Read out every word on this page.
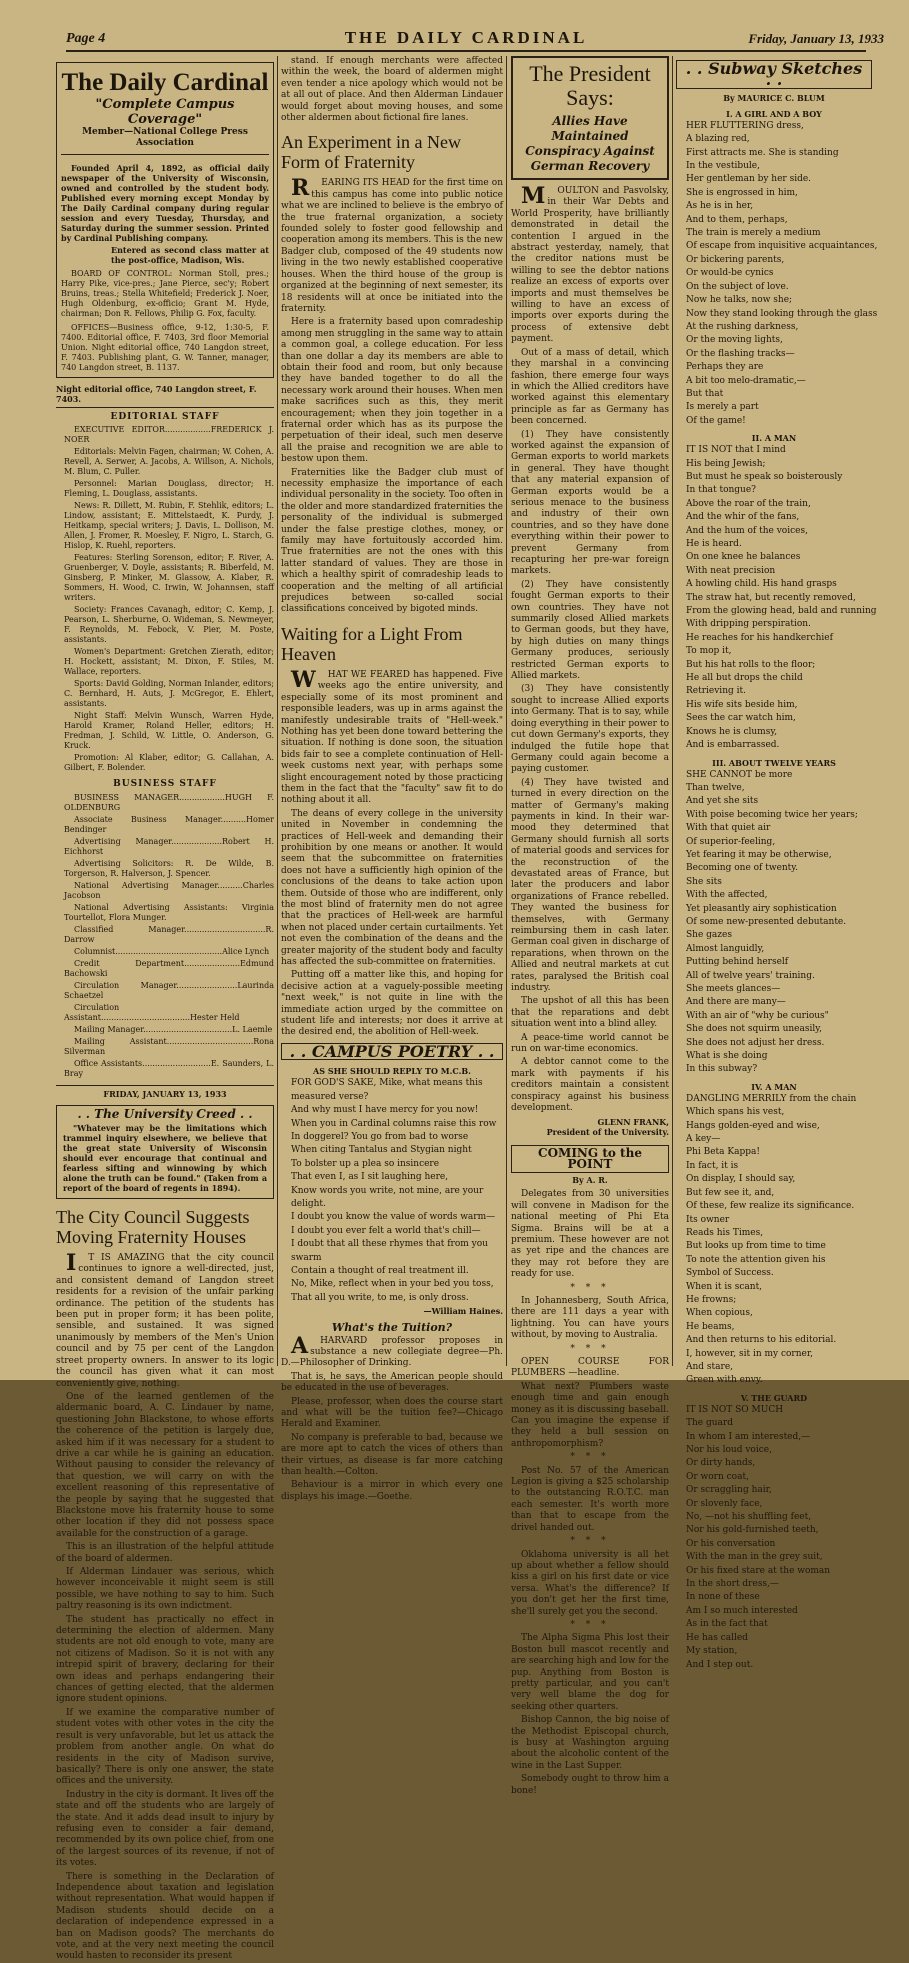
Page 4	THE DAILY CARDINAL	Friday, January 13, 1933
The Daily Cardinal
"Complete Campus Coverage"
Member—National College Press Association

Founded April 4, 1892, as official daily newspaper of the University of Wisconsin, owned and controlled by the student body. Published every morning except Monday by The Daily Cardinal company during regular session and every Tuesday, Thursday, and Saturday during the summer session. Printed by Cardinal Publishing company.

Entered as second class matter at the post-office, Madison, Wis.

BOARD OF CONTROL: Norman Stoll, pres.; Harry Pike, vice-pres.; Jane Pierce, sec'y; Robert Bruins, treas.; Stella Whitefield; Frederick J. Noer, Hugh Oldenburg, ex-officio; Grant M. Hyde, chairman; Don R. Fellows, Philip G. Fox, faculty.

OFFICES—Business office, 9-12, 1:30-5, F. 7400. Editorial office, F. 7403, 3rd floor Memorial Union. Night editorial office, 740 Langdon street, F. 7403. Publishing plant, G. W. Tanner, manager, 740 Langdon street, B. 1137.

Night editorial office, 740 Langdon street, F. 7403.
EDITORIAL STAFF

EXECUTIVE EDITOR..................FREDERICK J. NOER

Editorials: Melvin Fagen, chairman; W. Cohen, A. Revell, A. Serwer, A. Jacobs, A. Willson, A. Nichols, M. Blum, C. Puller.

Personnel: Marian Douglass, director; H. Fleming, L. Douglass, assistants.

News: R. Dillett, M. Rubin, F. Stehlik, editors; L. Lindow, assistant; E. Mittelstaedt, K. Purdy, J. Heitkamp, special writers; J. Davis, L. Dollison, M. Allen, J. Fromer, R. Moesley, F. Nigro, L. Starch, G. Hislop, K. Ruehl, reporters.

Features: Sterling Sorenson, editor; F. River, A. Gruenberger, V. Doyle, assistants; R. Biberfeld, M. Ginsberg, P. Minker, M. Glassow, A. Klaber, R. Sommers, H. Wood, C. Irwin, W. Johannsen, staff writers.

Society: Frances Cavanagh, editor; C. Kemp, J. Pearson, L. Sherburne, O. Wideman, S. Newmeyer, F. Reynolds, M. Febock, V. Pier, M. Poste, assistants.

Women's Department: Gretchen Zierath, editor; H. Hockett, assistant; M. Dixon, F. Stiles, M. Wallace, reporters.

Sports: David Golding, Norman Inlander, editors; C. Bernhard, H. Auts, J. McGregor, E. Ehlert, assistants.

Night Staff: Melvin Wunsch, Warren Hyde, Harold Kramer, Roland Heller, editors; H. Fredman, J. Schild, W. Little, O. Anderson, G. Kruck.

Promotion: Al Klaber, editor; G. Callahan, A. Gilbert, F. Bolender.

BUSINESS STAFF

BUSINESS MANAGER..................HUGH F. OLDENBURG

Associate Business Manager..........Homer Bendinger

Advertising Manager....................Robert H. Eichhorst

Advertising Solicitors: R. De Wilde, B. Torgerson, R. Halverson, J. Spencer.

National Advertising Manager..........Charles Jacobson

National Advertising Assistants: Virginia Tourtellot, Flora Munger.

Classified Manager................................R. Darrow

Columnist..........................................Alice Lynch

Credit Department......................Edmund Bachowski

Circulation Manager........................Laurinda Schaetzel

Circulation Assistant...................................Hester Held

Mailing Manager...................................L. Laemle

Mailing Assistant..................................Rona Silverman

Office Assistants...........................E. Saunders, L. Bray

FRIDAY, JANUARY 13, 1933
. . The University Creed . .

"Whatever may be the limitations which trammel inquiry elsewhere, we believe that the great state University of Wisconsin should ever encourage that continual and fearless sifting and winnowing by which alone the truth can be found." (Taken from a report of the board of regents in 1894).

The City Council Suggests Moving Fraternity Houses

IT IS AMAZING that the city council continues to ignore a well-directed, just, and consistent demand of Langdon street residents for a revision of the unfair parking ordinance. The petition of the students has been put in proper form; it has been polite, sensible, and sustained. It was signed unanimously by members of the Men's Union council and by 75 per cent of the Langdon street property owners. In answer to its logic the council has given what it can most conveniently give, nothing.

One of the learned gentlemen of the aldermanic board, A. C. Lindauer by name, questioning John Blackstone, to whose efforts the coherence of the petition is largely due, asked him if it was necessary for a student to drive a car while he is gaining an education. Without pausing to consider the relevancy of that question, we will carry on with the excellent reasoning of this representative of the people by saying that he suggested that Blackstone move his fraternity house to some other location if they did not possess space available for the construction of a garage.

This is an illustration of the helpful attitude of the board of aldermen.

If Alderman Lindauer was serious, which however inconceivable it might seem is still possible, we have nothing to say to him. Such paltry reasoning is its own indictment.

The student has practically no effect in determining the election of aldermen. Many students are not old enough to vote, many are not citizens of Madison. So it is not with any intrepid spirit of bravery, declaring for their own ideas and perhaps endangering their chances of getting elected, that the aldermen ignore student opinions.

If we examine the comparative number of student votes with other votes in the city the result is very unfavorable, but let us attack the problem from another angle. On what do residents in the city of Madison survive, basically? There is only one answer, the state offices and the university.

Industry in the city is dormant. It lives off the state and off the students who are largely of the state. And it adds dead insult to injury by refusing even to consider a fair demand, recommended by its own police chief, from one of the largest sources of its revenue, if not of its votes.

There is something in the Declaration of Independence about taxation and legislation without representation. What would happen if Madison students should decide on a declaration of independence expressed in a ban on Madison goods? The merchants do vote, and at the very next meeting the council would hasten to reconsider its present

stand. If enough merchants were affected within the week, the board of aldermen might even tender a nice apology which would not be at all out of place. And then Alderman Lindauer would forget about moving houses, and some other aldermen about fictional fire lanes.

An Experiment in a New Form of Fraternity

REARING ITS HEAD for the first time on this campus has come into public notice what we are inclined to believe is the embryo of the true fraternal organization, a society founded solely to foster good fellowship and cooperation among its members. This is the new Badger club, composed of the 49 students now living in the two newly established cooperative houses. When the third house of the group is organized at the beginning of next semester, its 18 residents will at once be initiated into the fraternity.

Here is a fraternity based upon comradeship among men struggling in the same way to attain a common goal, a college education. For less than one dollar a day its members are able to obtain their food and room, but only because they have banded together to do all the necessary work around their houses. When men make sacrifices such as this, they merit encouragement; when they join together in a fraternal order which has as its purpose the perpetuation of their ideal, such men deserve all the praise and recognition we are able to bestow upon them.

Fraternities like the Badger club must of necessity emphasize the importance of each individual personality in the society. Too often in the older and more standardized fraternities the personality of the individual is submerged under the false prestige clothes, money, or family may have fortuitously accorded him. True fraternities are not the ones with this latter standard of values. They are those in which a healthy spirit of comradeship leads to cooperation and the melting of all artificial prejudices between so-called social classifications conceived by bigoted minds.

Waiting for a Light From Heaven

WHAT WE FEARED has happened. Five weeks ago the entire university, and especially some of its most prominent and responsible leaders, was up in arms against the manifestly undesirable traits of "Hell-week." Nothing has yet been done toward bettering the situation. If nothing is done soon, the situation bids fair to see a complete continuation of Hell-week customs next year, with perhaps some slight encouragement noted by those practicing them in the fact that the "faculty" saw fit to do nothing about it all.

The deans of every college in the university united in November in condemning the practices of Hell-week and demanding their prohibition by one means or another. It would seem that the subcommittee on fraternities does not have a sufficiently high opinion of the conclusions of the deans to take action upon them. Outside of those who are indifferent, only the most blind of fraternity men do not agree that the practices of Hell-week are harmful when not placed under certain curtailments. Yet not even the combination of the deans and the greater majority of the student body and faculty has affected the sub-committee on fraternities.

Putting off a matter like this, and hoping for decisive action at a vaguely-possible meeting "next week," is not quite in line with the immediate action urged by the committee on student life and interests; nor does it arrive at the desired end, the abolition of Hell-week.

. . CAMPUS POETRY . .
AS SHE SHOULD REPLY TO M.C.B.

FOR GOD'S SAKE, Mike, what means this

measured verse?

And why must I have mercy for you now!

When you in Cardinal columns raise this row

In doggerel? You go from bad to worse

When citing Tantalus and Stygian night

To bolster up a plea so insincere

That even I, as I sit laughing here,

Know words you write, not mine, are your

delight.

I doubt you know the value of words warm—

I doubt you ever felt a world that's chill—

I doubt that all these rhymes that from you

swarm

Contain a thought of real treatment ill.

No, Mike, reflect when in your bed you toss,

That all you write, to me, is only dross.

—William Haines.
What's the Tuition?

AHARVARD professor proposes in substance a new collegiate degree—Ph. D.—Philosopher of Drinking.

That is, he says, the American people should be educated in the use of beverages.

Please, professor, when does the course start and what will be the tuition fee?—Chicago Herald and Examiner.

No company is preferable to bad, because we are more apt to catch the vices of others than their virtues, as disease is far more catching than health.—Colton.

Behaviour is a mirror in which every one displays his image.—Goethe.

The President Says:
Allies Have Maintained Conspiracy Against German Recovery

MOULTON and Pasvolsky, in their War Debts and World Prosperity, have brilliantly demonstrated in detail the contention I argued in the abstract yesterday, namely, that the creditor nations must be willing to see the debtor nations realize an excess of exports over imports and must themselves be willing to have an excess of imports over exports during the process of extensive debt payment.

Out of a mass of detail, which they marshal in a convincing fashion, there emerge four ways in which the Allied creditors have worked against this elementary principle as far as Germany has been concerned.

(1) They have consistently worked against the expansion of German exports to world markets in general. They have thought that any material expansion of German exports would be a serious menace to the business and industry of their own countries, and so they have done everything within their power to prevent Germany from recapturing her pre-war foreign markets.

(2) They have consistently fought German exports to their own countries. They have not summarily closed Allied markets to German goods, but they have, by high duties on many things Germany produces, seriously restricted German exports to Allied markets.

(3) They have consistently sought to increase Allied exports into Germany. That is to say, while doing everything in their power to cut down Germany's exports, they indulged the futile hope that Germany could again become a paying customer.

(4) They have twisted and turned in every direction on the matter of Germany's making payments in kind. In their war-mood they determined that Germany should furnish all sorts of material goods and services for the reconstruction of the devastated areas of France, but later the producers and labor organizations of France rebelled. They wanted the business for themselves, with Germany reimbursing them in cash later. German coal given in discharge of reparations, when thrown on the Allied and neutral markets at cut rates, paralysed the British coal industry.

The upshot of all this has been that the reparations and debt situation went into a blind alley.

A peace-time world cannot be run on war-time economics.

A debtor cannot come to the mark with payments if his creditors maintain a consistent conspiracy against his business development.

GLENN FRANK,
President of the University.
COMING to the POINT
By A. R.

Delegates from 30 universities will convene in Madison for the national meeting of Phi Eta Sigma. Brains will be at a premium. These however are not as yet ripe and the chances are they may rot before they are ready for use.

* * *

In Johannesberg, South Africa, there are 111 days a year with lightning. You can have yours without, by moving to Australia.

* * *

OPEN COURSE FOR PLUMBERS —headline.

What next? Plumbers waste enough time and gain enough money as it is discussing baseball. Can you imagine the expense if they held a bull session on anthropomorphism?

* * *

Post No. 57 of the American Legion is giving a $25 scholarship to the outstancing R.O.T.C. man each semester. It's worth more than that to escape from the drivel handed out.

* * *

Oklahoma university is all het up about whether a fellow should kiss a girl on his first date or vice versa. What's the difference? If you don't get her the first time, she'll surely get you the second.

* * *

The Alpha Sigma Phis lost their Boston bull mascot recently and are searching high and low for the pup. Anything from Boston is pretty particular, and you can't very well blame the dog for seeking other quarters.

Bishop Cannon, the big noise of the Methodist Episcopal church, is busy at Washington arguing about the alcoholic content of the wine in the Last Supper.

Somebody ought to throw him a bone!

. . Subway Sketches . .
By MAURICE C. BLUM
I. A GIRL AND A BOY

HER FLUTTERING dress,

A blazing red,

First attracts me. She is standing

In the vestibule,

Her gentleman by her side.

She is engrossed in him,

As he is in her,

And to them, perhaps,

The train is merely a medium

Of escape from inquisitive acquaintances,

Or bickering parents,

Or would-be cynics

On the subject of love.

Now he talks, now she;

Now they stand looking through the glass

At the rushing darkness,

Or the moving lights,

Or the flashing tracks—

Perhaps they are

A bit too melo-dramatic,—

But that

Is merely a part

Of the game!

II. A MAN

IT IS NOT that I mind

His being Jewish;

But must he speak so boisterously

In that tongue?

Above the roar of the train,

And the whir of the fans,

And the hum of the voices,

He is heard.

On one knee he balances

With neat precision

A howling child. His hand grasps

The straw hat, but recently removed,

From the glowing head, bald and running

With dripping perspiration.

He reaches for his handkerchief

To mop it,

But his hat rolls to the floor;

He all but drops the child

Retrieving it.

His wife sits beside him,

Sees the car watch him,

Knows he is clumsy,

And is embarrassed.

III. ABOUT TWELVE YEARS

SHE CANNOT be more

Than twelve,

And yet she sits

With poise becoming twice her years;

With that quiet air

Of superior-feeling,

Yet fearing it may be otherwise,

Becoming one of twenty.

She sits

With the affected,

Yet pleasantly airy sophistication

Of some new-presented debutante.

She gazes

Almost languidly,

Putting behind herself

All of twelve years' training.

She meets glances—

And there are many—

With an air of "why be curious"

She does not squirm uneasily,

She does not adjust her dress.

What is she doing

In this subway?

IV. A MAN

DANGLING MERRILY from the chain

Which spans his vest,

Hangs golden-eyed and wise,

A key—

Phi Beta Kappa!

In fact, it is

On display, I should say,

But few see it, and,

Of these, few realize its significance.

Its owner

Reads his Times,

But looks up from time to time

To note the attention given his

Symbol of Success.

When it is scant,

He frowns;

When copious,

He beams,

And then returns to his editorial.

I, however, sit in my corner,

And stare,

Green with envy.

V. THE GUARD

IT IS NOT SO MUCH

The guard

In whom I am interested,—

Nor his loud voice,

Or dirty hands,

Or worn coat,

Or scraggling hair,

Or slovenly face,

No, —not his shuffling feet,

Nor his gold-furnished teeth,

Or his conversation

With the man in the grey suit,

Or his fixed stare at the woman

In the short dress,—

In none of these

Am I so much interested

As in the fact that

He has called

My station,

And I step out.
